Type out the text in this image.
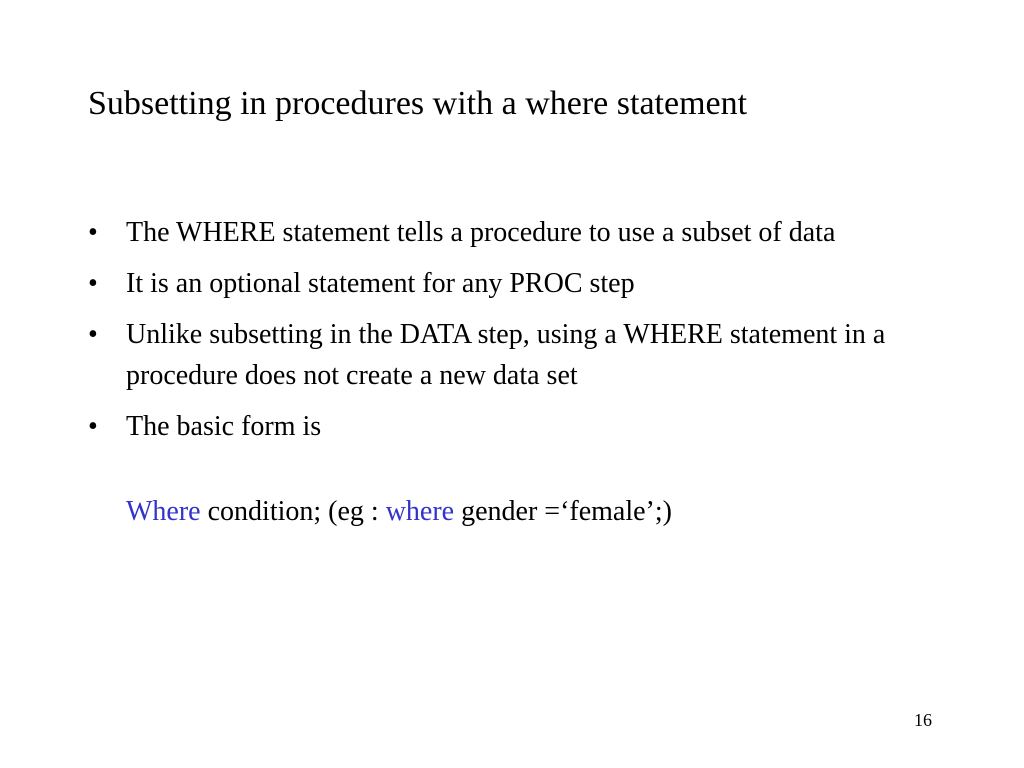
Subsetting in procedures with a where statement
• The WHERE statement tells a procedure to use a subset of data
• It is an optional statement for any PROC step
• Unlike subsetting in the DATA step, using a WHERE statement in a procedure does not create a new data set
• The basic form is
Where condition; (eg : where gender =‘female’;)
16
